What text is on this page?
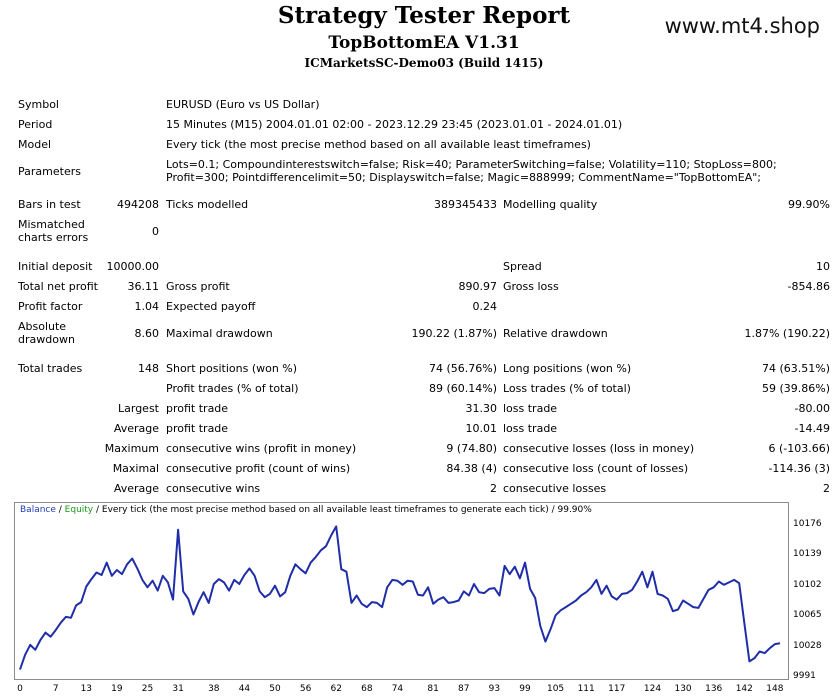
Strategy Tester Report
TopBottomEA V1.31
ICMarketsSC-Demo03 (Build 1415)
www.mt4.shop
Symbol	EURUSD (Euro vs US Dollar)
Period	15 Minutes (M15) 2004.01.01 02:00 - 2023.12.29 23:45 (2023.01.01 - 2024.01.01)
Model	Every tick (the most precise method based on all available least timeframes)
Parameters
Lots=0.1; Compoundinterestswitch=false; Risk=40; ParameterSwitching=false; Volatility=110; StopLoss=800; Profit=300; Pointdifferencelimit=50; Displayswitch=false; Magic=888999; CommentName="TopBottomEA";
Bars in test	494208 Ticks modelled	389345433 Modelling quality	99.90%
Mismatched charts errors	0
Initial deposit	10000.00	Spread	10
Total net profit	36.11 Gross profit	890.97 Gross loss	-854.86
Profit factor	1.04 Expected payoff	0.24
Absolute drawdown	8.60 Maximal drawdown	190.22 (1.87%) Relative drawdown	1.87% (190.22)
Total trades	148 Short positions (won %)	74 (56.76%) Long positions (won %)	74 (63.51%)
Profit trades (% of total)	89 (60.14%) Loss trades (% of total)	59 (39.86%)
Largest profit trade	31.30 loss trade	-80.00
Average profit trade	10.01 loss trade	-14.49
Maximum consecutive wins (profit in money)	9 (74.80) consecutive losses (loss in money)	6 (-103.66)
Maximal consecutive profit (count of wins)	84.38 (4) consecutive loss (count of losses)	-114.36 (3)
Average consecutive wins	2 consecutive losses	2
Balance / Equity / Every tick (the most precise method based on all available least timeframes to generate each tick) / 99.90%
10176
10139
10102
10065
10028
9991
0	7	13	19	25	31	38	44	50	56	62	68	74	81	87	93	99	105	111	117	124	130	136	142	148
